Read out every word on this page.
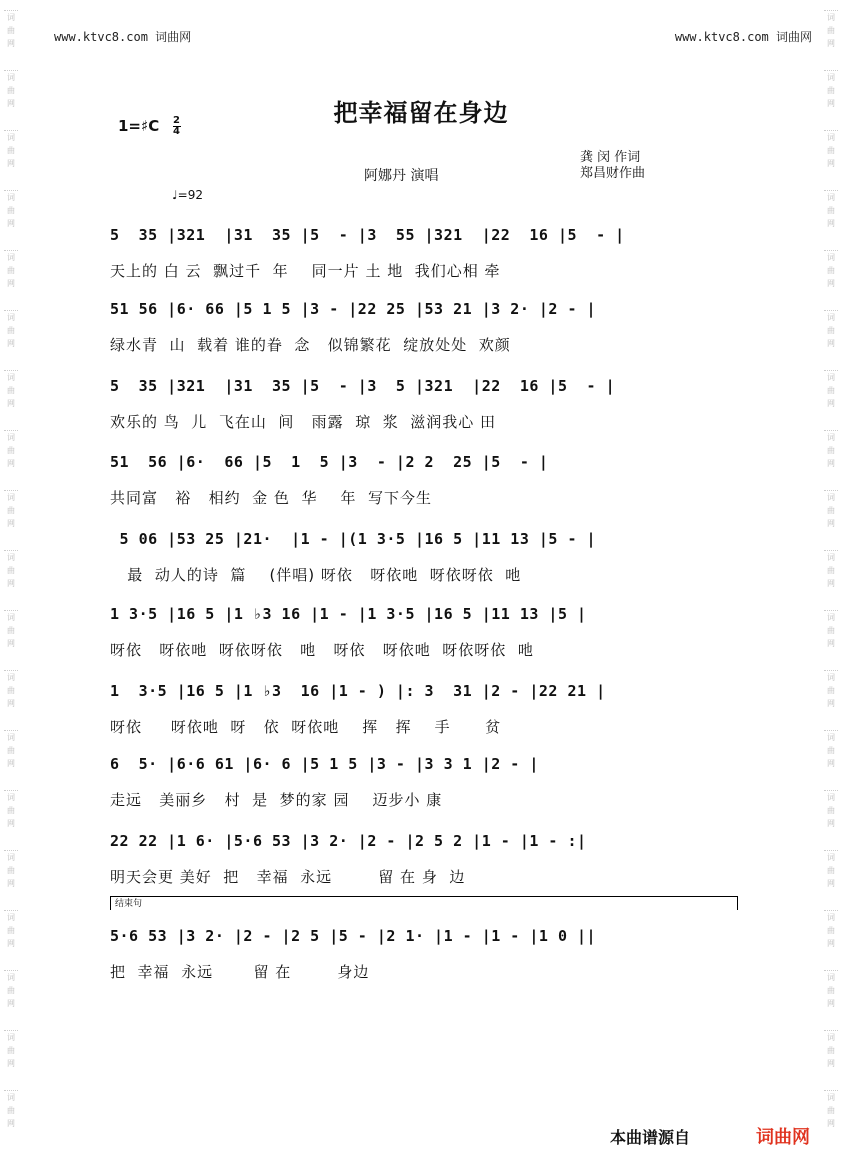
词曲网
词曲网
词曲网
词曲网
词曲网
词曲网
词曲网
词曲网
词曲网
词曲网
词曲网
词曲网
词曲网
词曲网
词曲网
词曲网
词曲网
词曲网
词曲网
词曲网
词曲网
词曲网
词曲网
词曲网
词曲网
词曲网
词曲网
词曲网
词曲网
词曲网
词曲网
词曲网
词曲网
词曲网
词曲网
词曲网
词曲网
词曲网
www.ktvc8.com 词曲网	www.ktvc8.com 词曲网
把幸福留在身边
1=♯C $\frac{2}{4}$
阿娜丹 演唱
龚 闵 作词
郑昌财作曲
♩=92
5  35 |321  |31  35 |5  - |3  55 |321  |22  16 |5  - |
天上的 白 云  飘过千  年    同一片 土 地  我们心相 牵
51 56 |6· 66 |5 1 5 |3 - |22 25 |53 21 |3 2· |2 - |
绿水青  山  载着 谁的眷  念   似锦繁花  绽放处处  欢颜
5  35 |321  |31  35 |5  - |3  5 |321  |22  16 |5  - |
欢乐的 鸟  儿  飞在山  间   雨露  琼  浆  滋润我心 田
51  56 |6·  66 |5  1  5 |3  - |2 2  25 |5  - |
共同富   裕   相约  金 色  华    年  写下今生
5 06 |53 25 |21·  |1 - |(1 3·5 |16 5 |11 13 |5 - |
最  动人的诗  篇    (伴唱) 呀依   呀依吔  呀依呀依  吔
1 3·5 |16 5 |1 ♭3 16 |1 - |1 3·5 |16 5 |11 13 |5 |
呀依   呀依吔  呀依呀依   吔   呀依   呀依吔  呀依呀依  吔
1  3·5 |16 5 |1 ♭3  16 |1 - ) |: 3  31 |2 - |22 21 |
呀依     呀依吔  呀   依  呀依吔    挥   挥    手      贫
6  5· |6·6 61 |6· 6 |5 1 5 |3 - |3 3 1 |2 - |
走远   美丽乡   村  是  梦的家 园    迈步小 康
22 22 |1 6· |5·6 53 |3 2· |2 - |2 5 2 |1 - |1 - :|
明天会更 美好  把   幸福  永远        留 在 身  边
5·6 53 |3 2· |2 - |2 5 |5 - |2 1· |1 - |1 - |1 0 ||
把  幸福  永远       留 在        身边
结束句
本曲谱源自	词曲网
